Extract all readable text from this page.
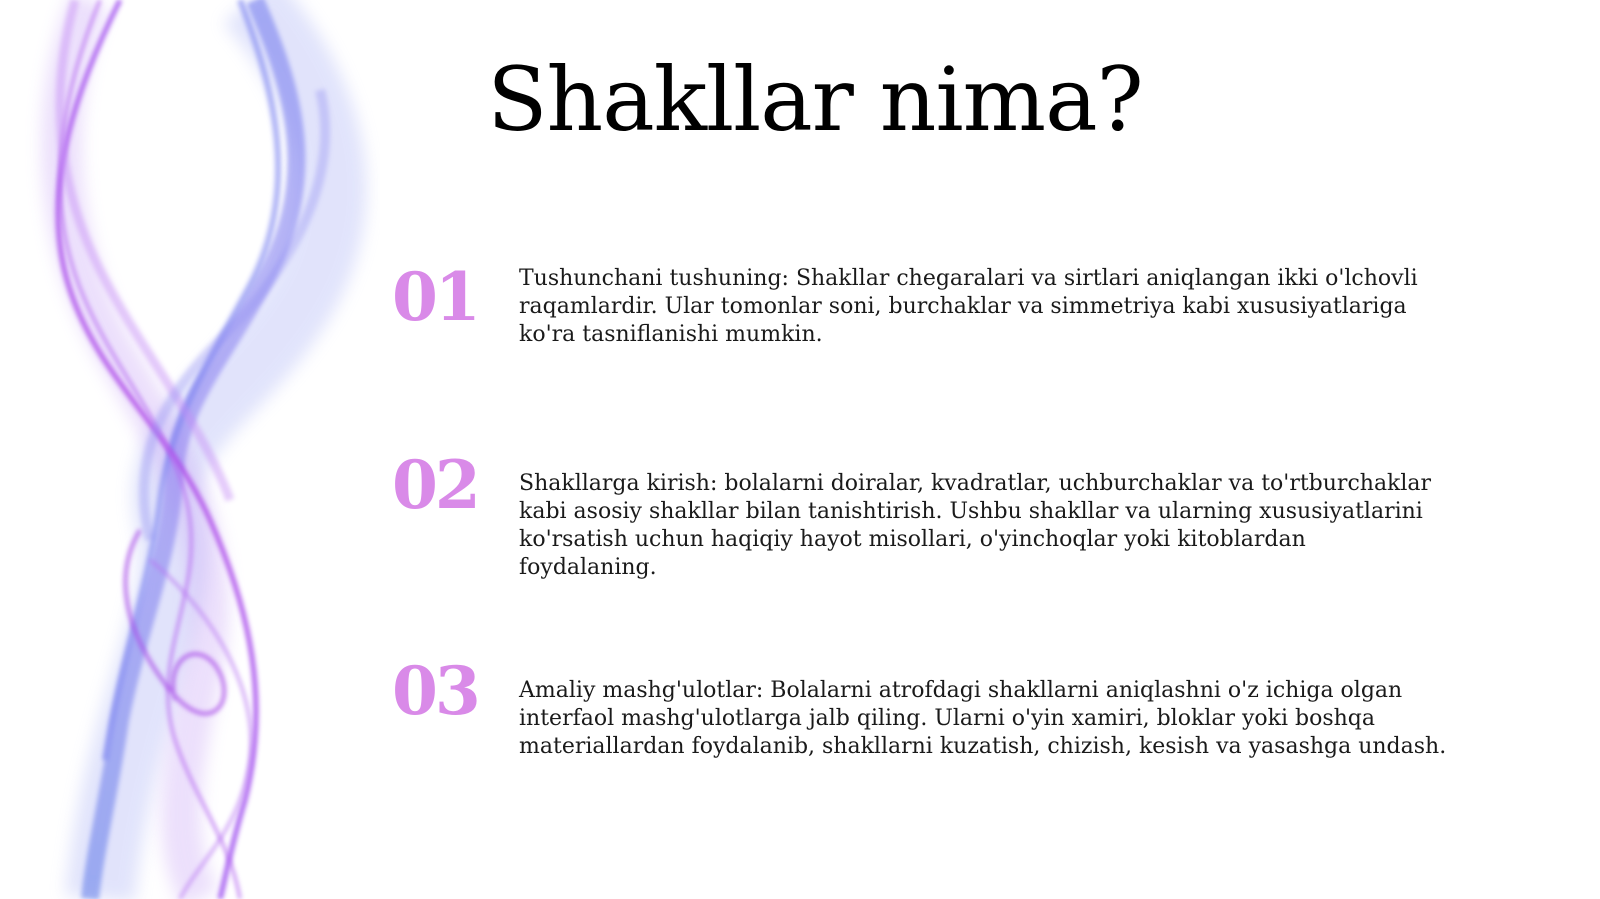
Shakllar nima?
01	Tushunchani tushuning: Shakllar chegaralari va sirtlari aniqlangan ikki o'lchovli raqamlardir. Ular tomonlar soni, burchaklar va simmetriya kabi xususiyatlariga ko'ra tasniflanishi mumkin.

02	Shakllarga kirish: bolalarni doiralar, kvadratlar, uchburchaklar va to'rtburchaklar kabi asosiy shakllar bilan tanishtirish. Ushbu shakllar va ularning xususiyatlarini ko'rsatish uchun haqiqiy hayot misollari, o'yinchoqlar yoki kitoblardan foydalaning.

03	Amaliy mashg'ulotlar: Bolalarni atrofdagi shakllarni aniqlashni o'z ichiga olgan interfaol mashg'ulotlarga jalb qiling. Ularni o'yin xamiri, bloklar yoki boshqa materiallardan foydalanib, shakllarni kuzatish, chizish, kesish va yasashga undash.
